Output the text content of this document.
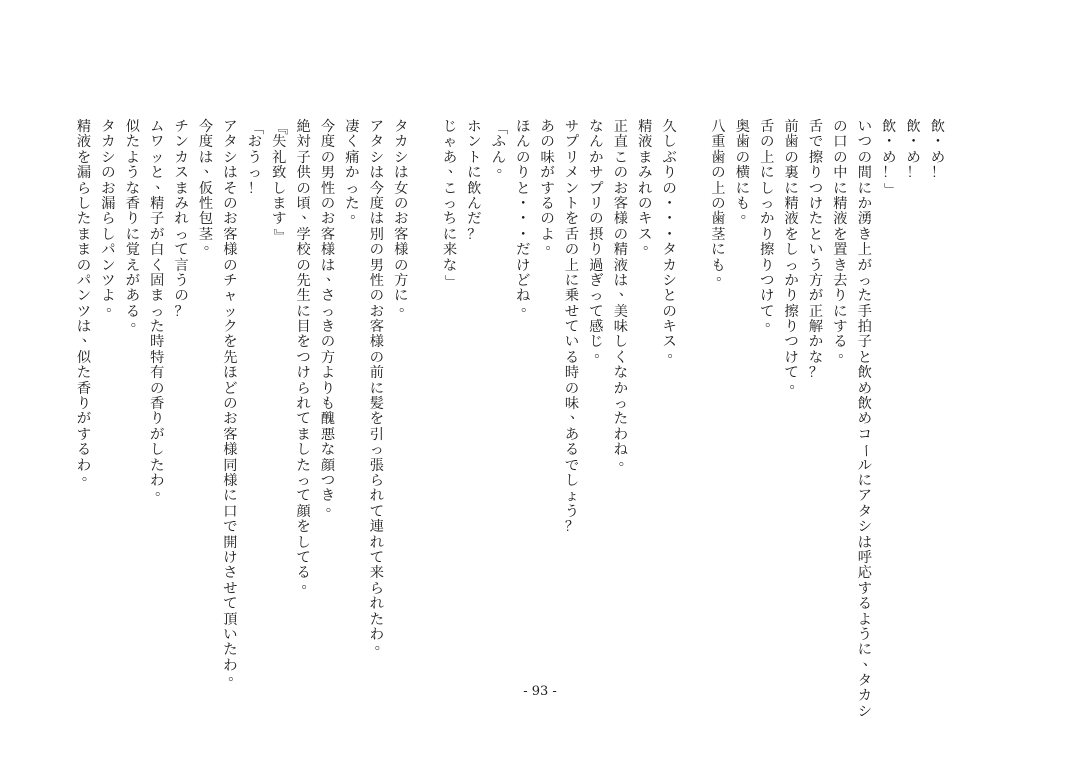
飲
・
め
！
飲
・
め
！
飲
・
め
！
」
い
つ
の
間
に
か
湧
き
上
が
っ
た
手
拍
子
と
飲
め
飲
め
コ
ー
ル
に
ア
タ
シ
は
呼
応
す
る
よ
う
に
、
タ
カ
シ
の
口
の
中
に
精
液
を
置
き
去
り
に
す
る
。
舌
で
擦
り
つ
け
た
と
い
う
方
が
正
解
か
な
？
前
歯
の
裏
に
精
液
を
し
っ
か
り
擦
り
つ
け
て
。
舌
の
上
に
し
っ
か
り
擦
り
つ
け
て
。
奥
歯
の
横
に
も
。
八
重
歯
の
上
の
歯
茎
に
も
。
久
し
ぶ
り
の
・
・
・
タ
カ
シ
と
の
キ
ス
。
精
液
ま
み
れ
の
キ
ス
。
正
直
こ
の
お
客
様
の
精
液
は
、
美
味
し
く
な
か
っ
た
わ
ね
。
な
ん
か
サ
プ
リ
の
摂
り
過
ぎ
っ
て
感
じ
。
サ
プ
リ
メ
ン
ト
を
舌
の
上
に
乗
せ
て
い
る
時
の
味
、
あ
る
で
し
ょ
う
？
あ
の
味
が
す
る
の
よ
。
ほ
ん
の
り
と
・
・
・
だ
け
ど
ね
。
「
ふ
ん
。
ホ
ン
ト
に
飲
ん
だ
？
じ
ゃ
あ
、
こ
っ
ち
に
来
な
」
タ
カ
シ
は
女
の
お
客
様
の
方
に
。
ア
タ
シ
は
今
度
は
別
の
男
性
の
お
客
様
の
前
に
髪
を
引
っ
張
ら
れ
て
連
れ
て
来
ら
れ
た
わ
。
凄
く
痛
か
っ
た
。
今
度
の
男
性
の
お
客
様
は
、
さ
っ
き
の
方
よ
り
も
醜
悪
な
顔
つ
き
。
絶
対
子
供
の
頃
、
学
校
の
先
生
に
目
を
つ
け
ら
れ
て
ま
し
た
っ
て
顔
を
し
て
る
。
『
失
礼
致
し
ま
す
』
「
お
う
っ
！
ア
タ
シ
は
そ
の
お
客
様
の
チ
ャ
ッ
ク
を
先
ほ
ど
の
お
客
様
同
様
に
口
で
開
け
さ
せ
て
頂
い
た
わ
。
今
度
は
、
仮
性
包
茎
。
チ
ン
カ
ス
ま
み
れ
っ
て
言
う
の
？
ム
ワ
ッ
と
、
精
子
が
白
く
固
ま
っ
た
時
特
有
の
香
り
が
し
た
わ
。
似
た
よ
う
な
香
り
に
覚
え
が
あ
る
。
タ
カ
シ
の
お
漏
ら
し
パ
ン
ツ
よ
。
精
液
を
漏
ら
し
た
ま
ま
の
パ
ン
ツ
は
、
似
た
香
り
が
す
る
わ
。
- 93 -
